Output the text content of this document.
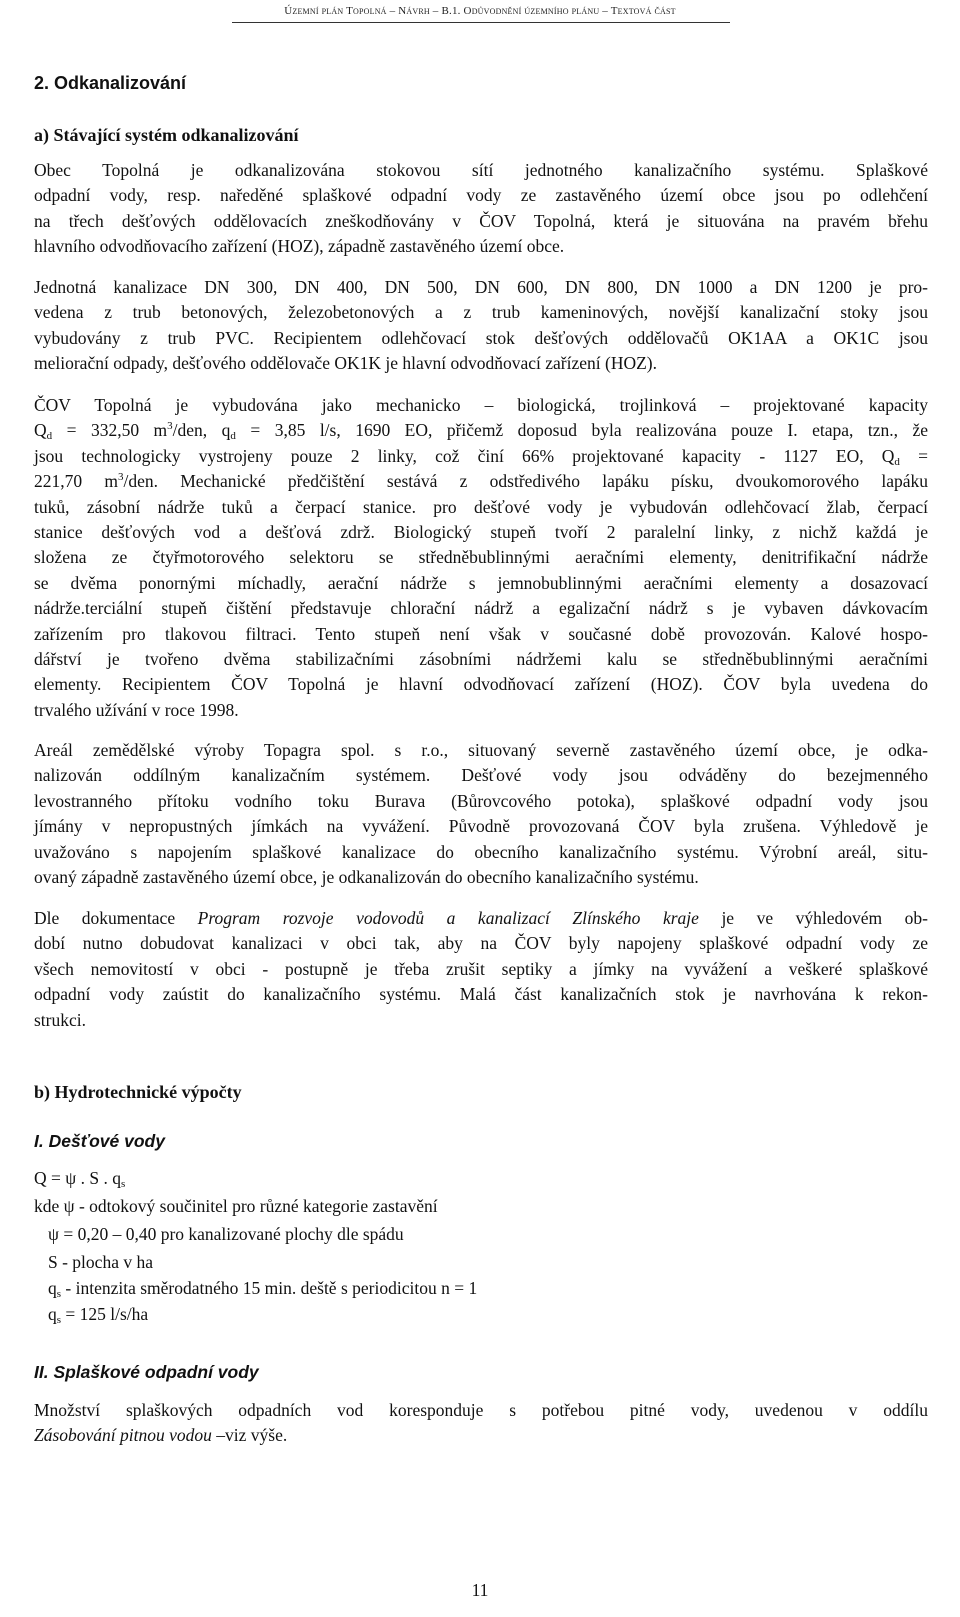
Územní plán Topolná – Návrh – B.1. Odůvodnění územního plánu – Textová část
2. Odkanalizování
a) Stávající systém odkanalizování

Obec Topolná je odkanalizována stokovou sítí jednotného kanalizačního systému. Splaškové
odpadní vody, resp. naředěné splaškové odpadní vody ze zastavěného území obce jsou po odlehčení
na třech dešťových oddělovacích zneškodňovány v ČOV Topolná, která je situována na pravém břehu
hlavního odvodňovacího zařízení (HOZ), západně zastavěného území obce.

Jednotná kanalizace DN 300, DN 400, DN 500, DN 600, DN 800, DN 1000 a DN 1200 je pro-
vedena z trub betonových, železobetonových a z trub kameninových, novější kanalizační stoky jsou
vybudovány z trub PVC. Recipientem odlehčovací stok dešťových oddělovačů OK1AA a OK1C jsou
meliorační odpady, dešťového oddělovače OK1K je hlavní odvodňovací zařízení (HOZ).

ČOV Topolná je vybudována jako mechanicko – biologická, trojlinková – projektované kapacity
$Q_d = 332,50$ $m^3$/den, $q_d = 3,85$ l/s, 1690 EO, přičemž doposud byla realizována pouze I. etapa, tzn., že
jsou technologicky vystrojeny pouze 2 linky, což činí 66% projektované kapacity - 1127 EO, $Q_d$ =
221,70 $m^3$/den. Mechanické předčištění sestává z odstředivého lapáku písku, dvoukomorového lapáku
tuků, zásobní nádrže tuků a čerpací stanice. pro dešťové vody je vybudován odlehčovací žlab, čerpací
stanice dešťových vod a dešťová zdrž. Biologický stupeň tvoří 2 paralelní linky, z nichž každá je
složena ze čtyřmotorového selektoru se středněbublinnými aeračními elementy, denitrifikační nádrže
se dvěma ponornými míchadly, aerační nádrže s jemnobublinnými aeračními elementy a dosazovací
nádrže.terciální stupeň čištění představuje chlorační nádrž a egalizační nádrž s je vybaven dávkovacím
zařízením pro tlakovou filtraci. Tento stupeň není však v současné době provozován. Kalové hospo-
dářství je tvořeno dvěma stabilizačními zásobními nádržemi kalu se středněbublinnými aeračními
elementy. Recipientem ČOV Topolná je hlavní odvodňovací zařízení (HOZ). ČOV byla uvedena do
trvalého užívání v roce 1998.

Areál zemědělské výroby Topagra spol. s r.o., situovaný severně zastavěného území obce, je odka-
nalizován oddílným kanalizačním systémem. Dešťové vody jsou odváděny do bezejmenného
levostranného přítoku vodního toku Burava (Bůrovcového potoka), splaškové odpadní vody jsou
jímány v nepropustných jímkách na vyvážení. Původně provozovaná ČOV byla zrušena. Výhledově je
uvažováno s napojením splaškové kanalizace do obecního kanalizačního systému. Výrobní areál, situ-
ovaný západně zastavěného území obce, je odkanalizován do obecního kanalizačního systému.

Dle dokumentace Program rozvoje vodovodů a kanalizací Zlínského kraje je ve výhledovém ob-
dobí nutno dobudovat kanalizaci v obci tak, aby na ČOV byly napojeny splaškové odpadní vody ze
všech nemovitostí v obci - postupně je třeba zrušit septiky a jímky na vyvážení a veškeré splaškové
odpadní vody zaústit do kanalizačního systému. Malá část kanalizačních stok je navrhována k rekon-
strukci.

b) Hydrotechnické výpočty
I. Dešťové vody
Q = ψ . S . $q_s$
kde ψ - odtokový součinitel pro různé kategorie zastavění
ψ = 0,20 – 0,40 pro kanalizované plochy dle spádu
S - plocha v ha
$q_s$ - intenzita směrodatného 15 min. deště s periodicitou n = 1
$q_s = 125$ l/s/ha
II. Splaškové odpadní vody

Množství splaškových odpadních vod korespondujе s potřebou pitné vody, uvedenou v oddílu
Zásobování pitnou vodou –viz výše.

11
